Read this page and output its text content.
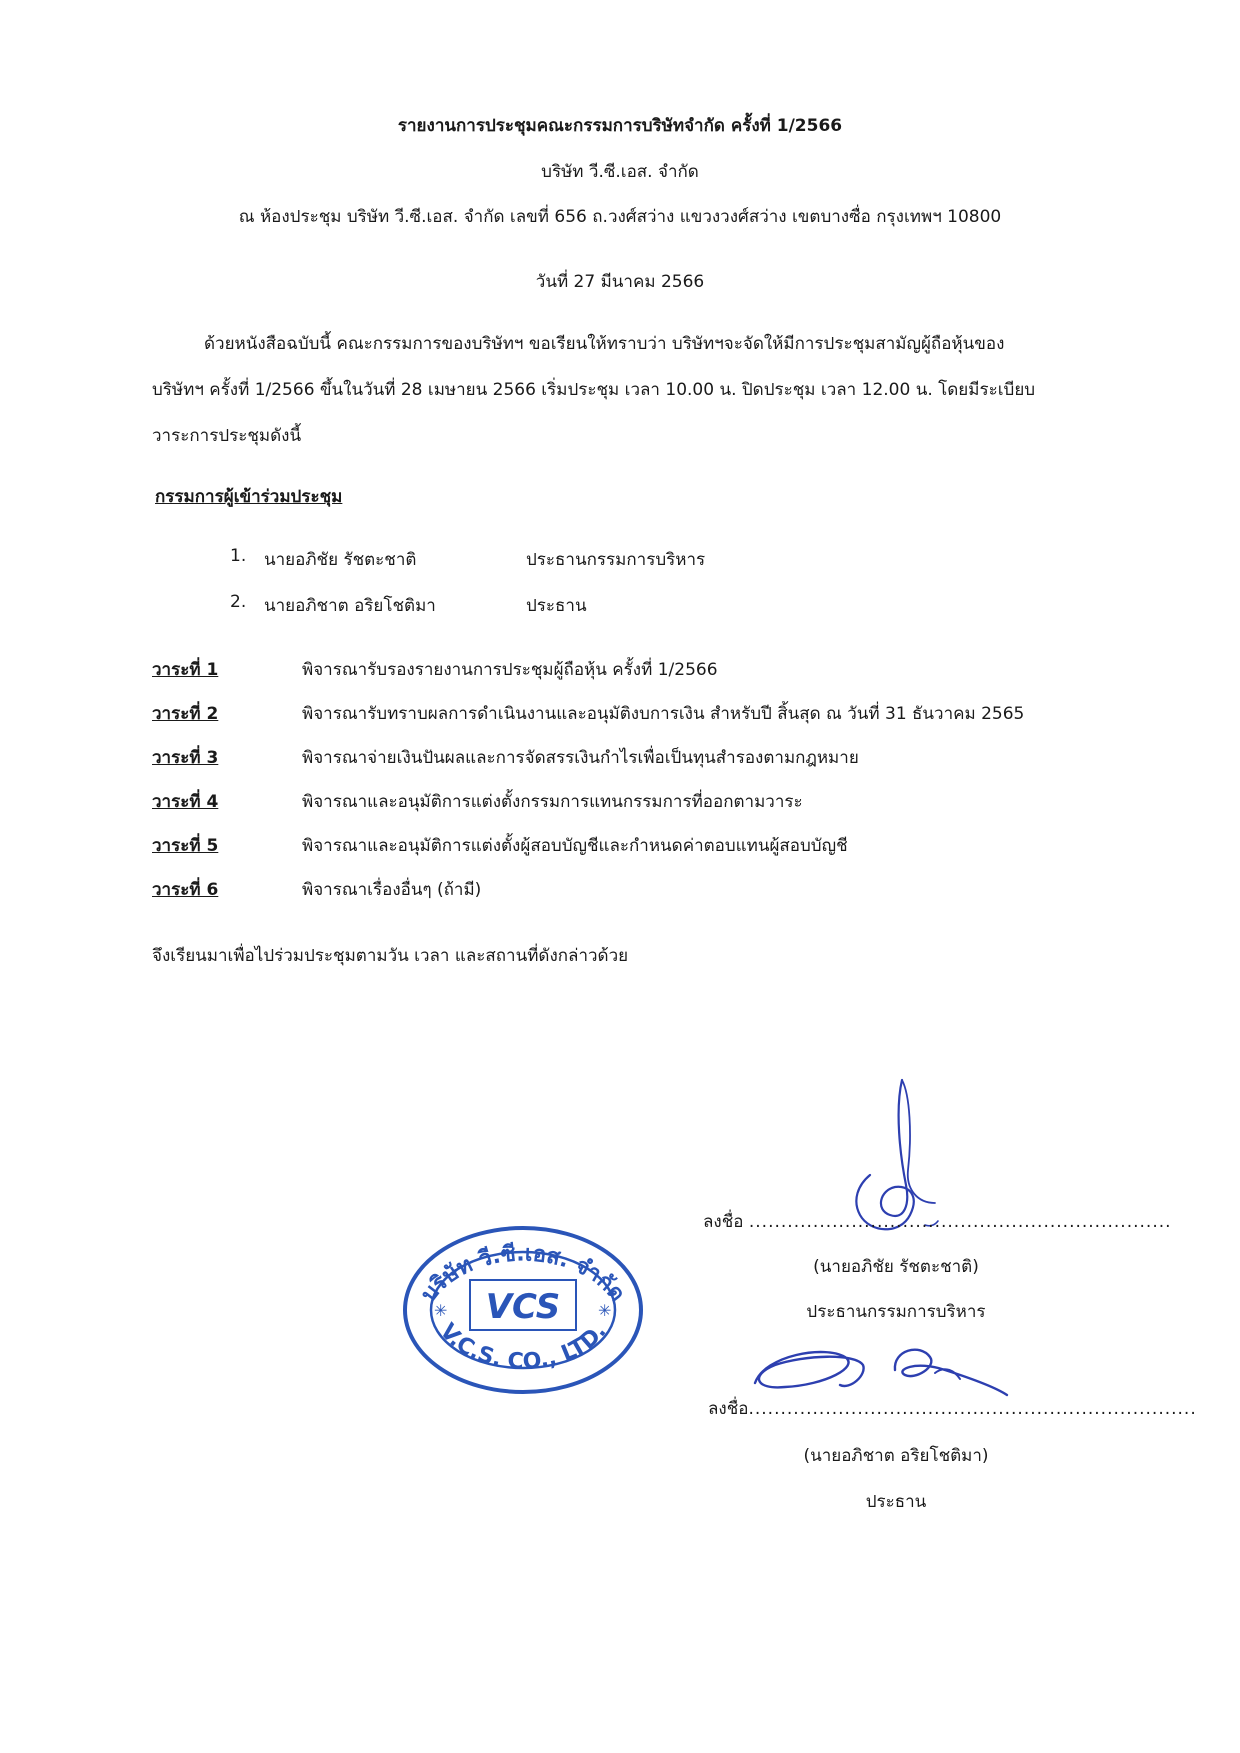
รายงานการประชุมคณะกรรมการบริษัทจำกัด ครั้งที่ 1/2566
บริษัท วี.ซี.เอส. จำกัด
ณ ห้องประชุม บริษัท วี.ซี.เอส. จำกัด เลขที่ 656 ถ.วงศ์สว่าง แขวงวงศ์สว่าง เขตบางซื่อ กรุงเทพฯ 10800
วันที่ 27 มีนาคม 2566
ด้วยหนังสือฉบับนี้ คณะกรรมการของบริษัทฯ ขอเรียนให้ทราบว่า บริษัทฯจะจัดให้มีการประชุมสามัญผู้ถือหุ้นของ
บริษัทฯ ครั้งที่ 1/2566 ขึ้นในวันที่ 28 เมษายน 2566 เริ่มประชุม เวลา 10.00 น. ปิดประชุม เวลา 12.00 น. โดยมีระเบียบ
วาระการประชุมดังนี้
กรรมการผู้เข้าร่วมประชุม
1. นายอภิชัย รัชตะชาติ	ประธานกรรมการบริหาร
2. นายอภิชาต อริยโชติมา	ประธาน
วาระที่ 1	พิจารณารับรองรายงานการประชุมผู้ถือหุ้น ครั้งที่ 1/2566
วาระที่ 2	พิจารณารับทราบผลการดำเนินงานและอนุมัติงบการเงิน สำหรับปี สิ้นสุด ณ วันที่ 31 ธันวาคม 2565
วาระที่ 3	พิจารณาจ่ายเงินปันผลและการจัดสรรเงินกำไรเพื่อเป็นทุนสำรองตามกฎหมาย
วาระที่ 4	พิจารณาและอนุมัติการแต่งตั้งกรรมการแทนกรรมการที่ออกตามวาระ
วาระที่ 5	พิจารณาและอนุมัติการแต่งตั้งผู้สอบบัญชีและกำหนดค่าตอบแทนผู้สอบบัญชี
วาระที่ 6	พิจารณาเรื่องอื่นๆ (ถ้ามี)
จึงเรียนมาเพื่อไปร่วมประชุมตามวัน เวลา และสถานที่ดังกล่าวด้วย
ลงชื่อ ..................................................................
(นายอภิชัย รัชตะชาติ)
ประธานกรรมการบริหาร
บริษัท วี.ซี.เอส. จำกัด
V.C.S. CO., LTD.
VCS
✳	✳
ลงชื่อ......................................................................
(นายอภิชาต อริยโชติมา)
ประธาน
